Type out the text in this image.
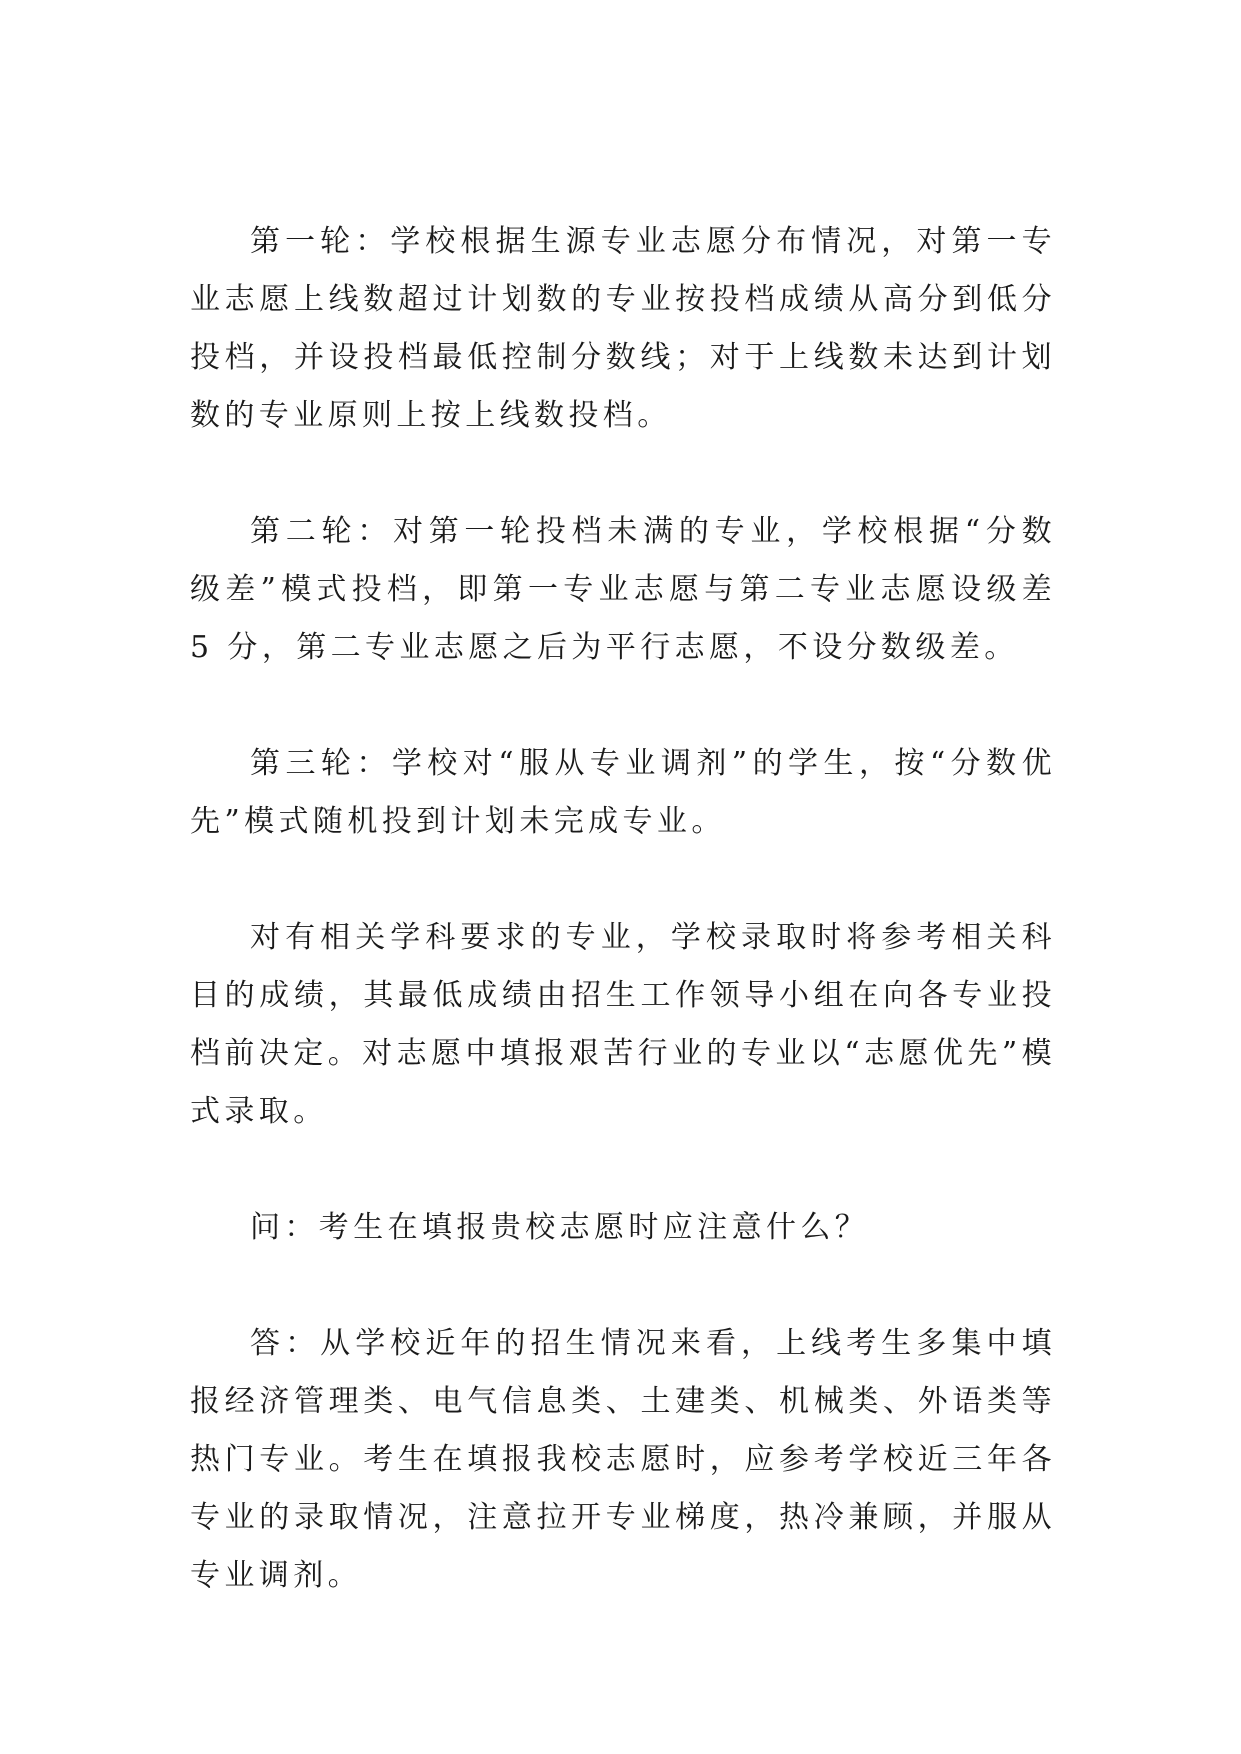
第一轮：学校根据生源专业志愿分布情况，对第一专业志愿上线数超过计划数的专业按投档成绩从高分到低分投档，并设投档最低控制分数线；对于上线数未达到计划数的专业原则上按上线数投档。

第二轮：对第一轮投档未满的专业，学校根据“分数级差”模式投档，即第一专业志愿与第二专业志愿设级差 5 分，第二专业志愿之后为平行志愿，不设分数级差。

第三轮：学校对“服从专业调剂”的学生，按“分数优先”模式随机投到计划未完成专业。

对有相关学科要求的专业，学校录取时将参考相关科目的成绩，其最低成绩由招生工作领导小组在向各专业投档前决定。对志愿中填报艰苦行业的专业以“志愿优先”模式录取。

问：考生在填报贵校志愿时应注意什么？

答：从学校近年的招生情况来看，上线考生多集中填报经济管理类、电气信息类、土建类、机械类、外语类等热门专业。考生在填报我校志愿时，应参考学校近三年各专业的录取情况，注意拉开专业梯度，热冷兼顾，并服从专业调剂。
